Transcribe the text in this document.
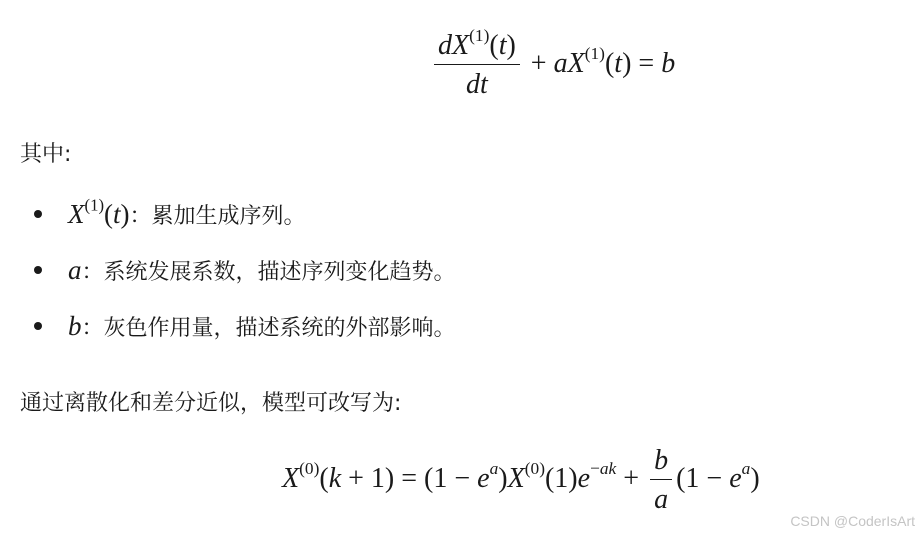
$\frac{dX^{(1)}(t)}{dt} + aX^{(1)}(t) = b$
其中:
$X^{(1)}(t)$ ：累加生成序列。
a ：系统发展系数，描述序列变化趋势。
b ：灰色作用量，描述系统的外部影响。
通过离散化和差分近似，模型可改写为:
$X^{(0)}(k + 1) = (1 - e^a)X^{(0)}(1)e^{-ak} + \frac{b}{a} (1 - e^a)$
CSDN @CoderIsArt
